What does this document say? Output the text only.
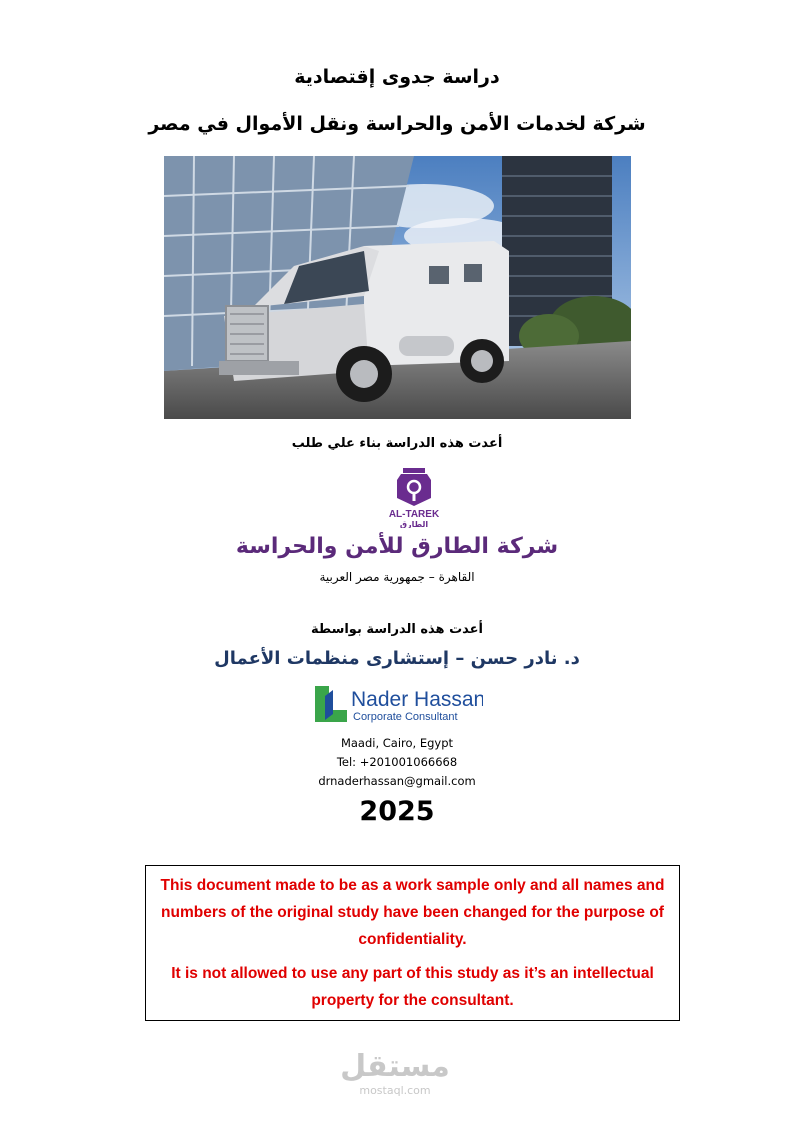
دراسة جدوى إقتصادية
شركة لخدمات الأمن والحراسة ونقل الأموال في مصر
أعدت هذه الدراسة بناء علي طلب
AL-TAREK
الطارق
شركة الطارق للأمن والحراسة
القاهرة – جمهورية مصر العربية
أعدت هذه الدراسة بواسطة
د. نادر حسن – إستشارى منظمات الأعمال
Nader Hassan
Corporate Consultant
Maadi, Cairo, Egypt
Tel: +201001066668
drnaderhassan@gmail.com
2025
This document made to be as a work sample only and all names and numbers of the original study have been changed for the purpose of confidentiality.
It is not allowed to use any part of this study as it’s an intellectual property for the consultant.
مستقل
mostaql.com
